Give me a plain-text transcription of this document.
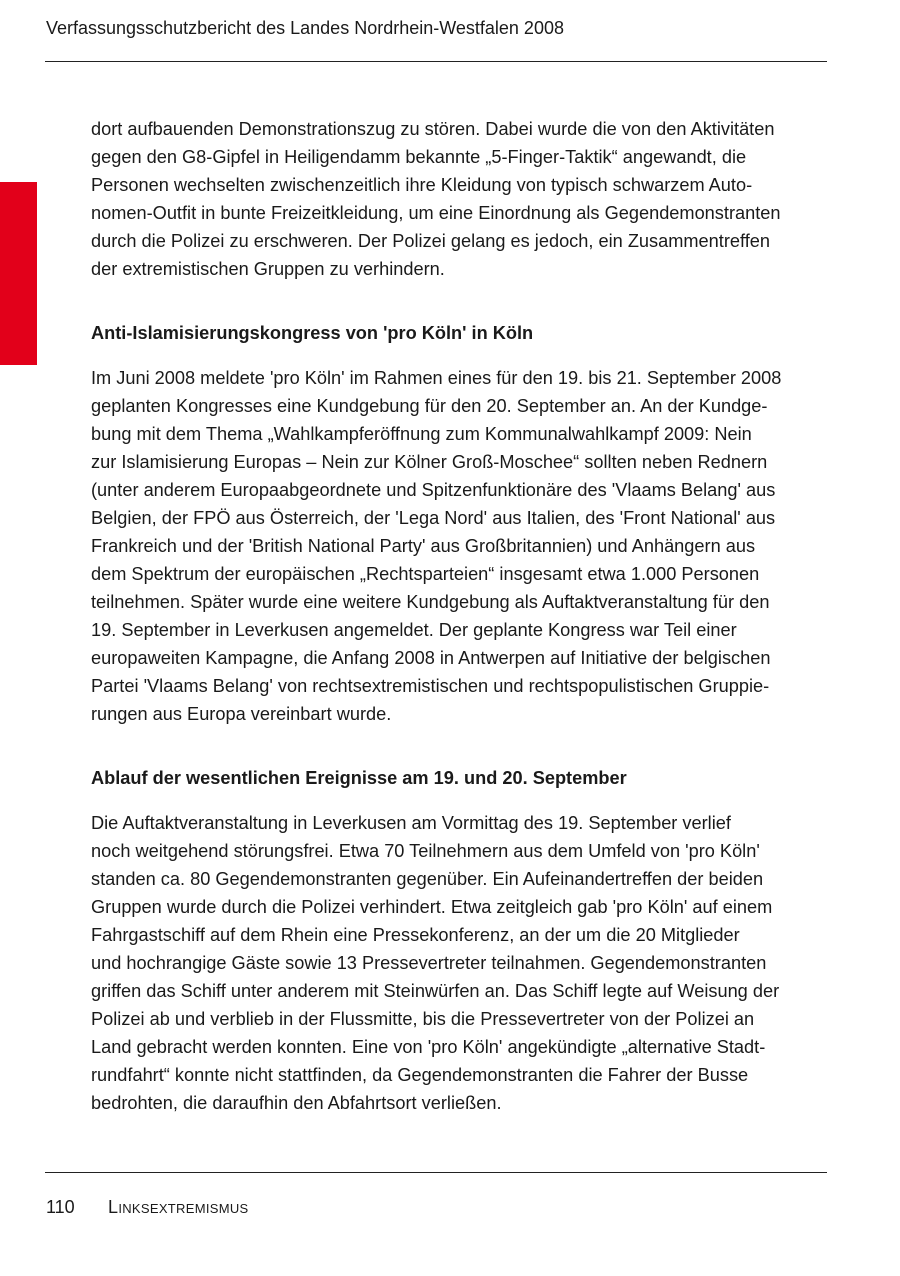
Verfassungsschutzbericht des Landes Nordrhein-Westfalen 2008
dort aufbauenden Demonstrationszug zu stören. Dabei wurde die von den Aktivitäten
gegen den G8-Gipfel in Heiligendamm bekannte „5-Finger-Taktik“ angewandt, die
Personen wechselten zwischenzeitlich ihre Kleidung von typisch schwarzem Auto-
nomen-Outfit in bunte Freizeitkleidung, um eine Einordnung als Gegendemonstranten
durch die Polizei zu erschweren. Der Polizei gelang es jedoch, ein Zusammentreffen
der extremistischen Gruppen zu verhindern.
Anti-Islamisierungskongress von 'pro Köln' in Köln
Im Juni 2008 meldete 'pro Köln' im Rahmen eines für den 19. bis 21. September 2008
geplanten Kongresses eine Kundgebung für den 20. September an. An der Kundge-
bung mit dem Thema „Wahlkampferöffnung zum Kommunalwahlkampf 2009: Nein
zur Islamisierung Europas – Nein zur Kölner Groß-Moschee“ sollten neben Rednern
(unter anderem Europaabgeordnete und Spitzenfunktionäre des 'Vlaams Belang' aus
Belgien, der FPÖ aus Österreich, der 'Lega Nord' aus Italien, des 'Front National' aus
Frankreich und der 'British National Party' aus Großbritannien) und Anhängern aus
dem Spektrum der europäischen „Rechtsparteien“ insgesamt etwa 1.000 Personen
teilnehmen. Später wurde eine weitere Kundgebung als Auftaktveranstaltung für den
19. September in Leverkusen angemeldet. Der geplante Kongress war Teil einer
europaweiten Kampagne, die Anfang 2008 in Antwerpen auf Initiative der belgischen
Partei 'Vlaams Belang' von rechtsextremistischen und rechtspopulistischen Gruppie-
rungen aus Europa vereinbart wurde.
Ablauf der wesentlichen Ereignisse am 19. und 20. September
Die Auftaktveranstaltung in Leverkusen am Vormittag des 19. September verlief
noch weitgehend störungsfrei. Etwa 70 Teilnehmern aus dem Umfeld von 'pro Köln'
standen ca. 80 Gegendemonstranten gegenüber. Ein Aufeinandertreffen der beiden
Gruppen wurde durch die Polizei verhindert. Etwa zeitgleich gab 'pro Köln' auf einem
Fahrgastschiff auf dem Rhein eine Pressekonferenz, an der um die 20 Mitglieder
und hochrangige Gäste sowie 13 Pressevertreter teilnahmen. Gegendemonstranten
griffen das Schiff unter anderem mit Steinwürfen an. Das Schiff legte auf Weisung der
Polizei ab und verblieb in der Flussmitte, bis die Pressevertreter von der Polizei an
Land gebracht werden konnten. Eine von 'pro Köln' angekündigte „alternative Stadt-
rundfahrt“ konnte nicht stattfinden, da Gegendemonstranten die Fahrer der Busse
bedrohten, die daraufhin den Abfahrtsort verließen.
110 Linksextremismus
